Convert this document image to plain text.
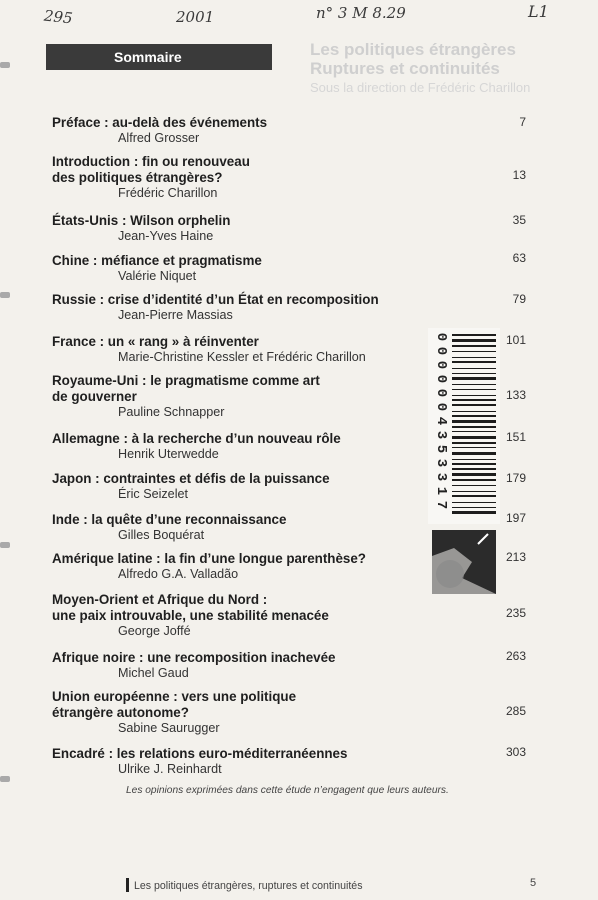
295	2001	n° 3 M 8.29	L1
Les politiques étrangères
Ruptures et continuités
Sous la direction de Frédéric Charillon
Sommaire
Préface : au-delà des événements
Alfred Grosser
7
Introduction : fin ou renouveau
des politiques étrangères?
Frédéric Charillon
13
États-Unis : Wilson orphelin
Jean-Yves Haine
35
Chine : méfiance et pragmatisme
Valérie Niquet
63
Russie : crise d’identité d’un État en recomposition
Jean-Pierre Massias
79
France : un « rang » à réinventer
Marie-Christine Kessler et Frédéric Charillon
101
Royaume-Uni : le pragmatisme comme art
de gouverner
Pauline Schnapper
133
Allemagne : à la recherche d’un nouveau rôle
Henrik Uterwedde
151
Japon : contraintes et défis de la puissance
Éric Seizelet
179
Inde : la quête d’une reconnaissance
Gilles Boquérat
197
Amérique latine : la fin d’une longue parenthèse?
Alfredo G.A. Valladão
213
Moyen-Orient et Afrique du Nord :
une paix introuvable, une stabilité menacée
George Joffé
235
Afrique noire : une recomposition inachevée
Michel Gaud
263
Union européenne : vers une politique
étrangère autonome?
Sabine Saurugger
285
Encadré : les relations euro-méditerranéennes
Ulrike J. Reinhardt
303
0
0
0
0
0
0
4
3
5
3
3
1
7
Les opinions exprimées dans cette étude n’engagent que leurs auteurs.
Les politiques étrangères, ruptures et continuités	5
